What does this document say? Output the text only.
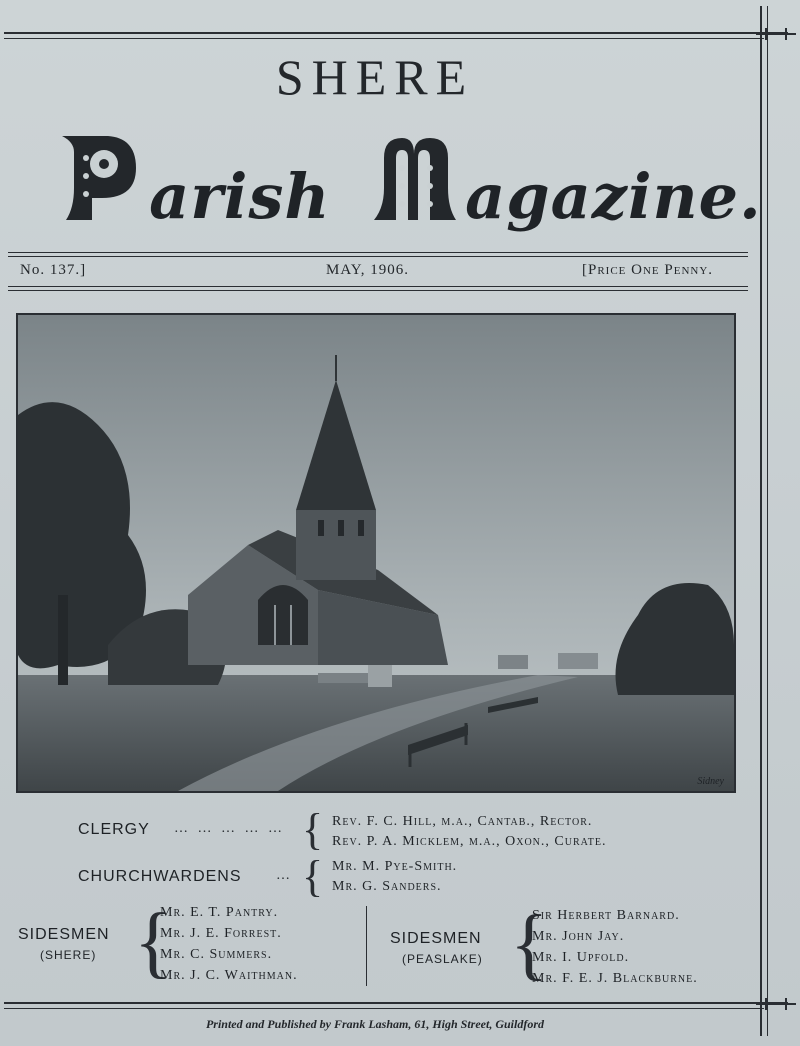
SHERE
arish	agazine.
No. 137.]	MAY, 1906.	[Price One Penny.
Sidney
CLERGY … … … … … { Rev. F. C. Hill, m.a., Cantab., Rector.
Rev. P. A. Micklem, m.a., Oxon., Curate.
CHURCHWARDENS … { Mr. M. Pye-Smith.
Mr. G. Sanders.
SIDESMEN
(SHERE) {
Mr. E. T. Pantry.
Mr. J. E. Forrest.
Mr. C. Summers.
Mr. J. C. Waithman.
SIDESMEN
(PEASLAKE) {
Sir Herbert Barnard.
Mr. John Jay.
Mr. I. Upfold.
Mr. F. E. J. Blackburne.
Printed and Published by Frank Lasham, 61, High Street, Guildford
